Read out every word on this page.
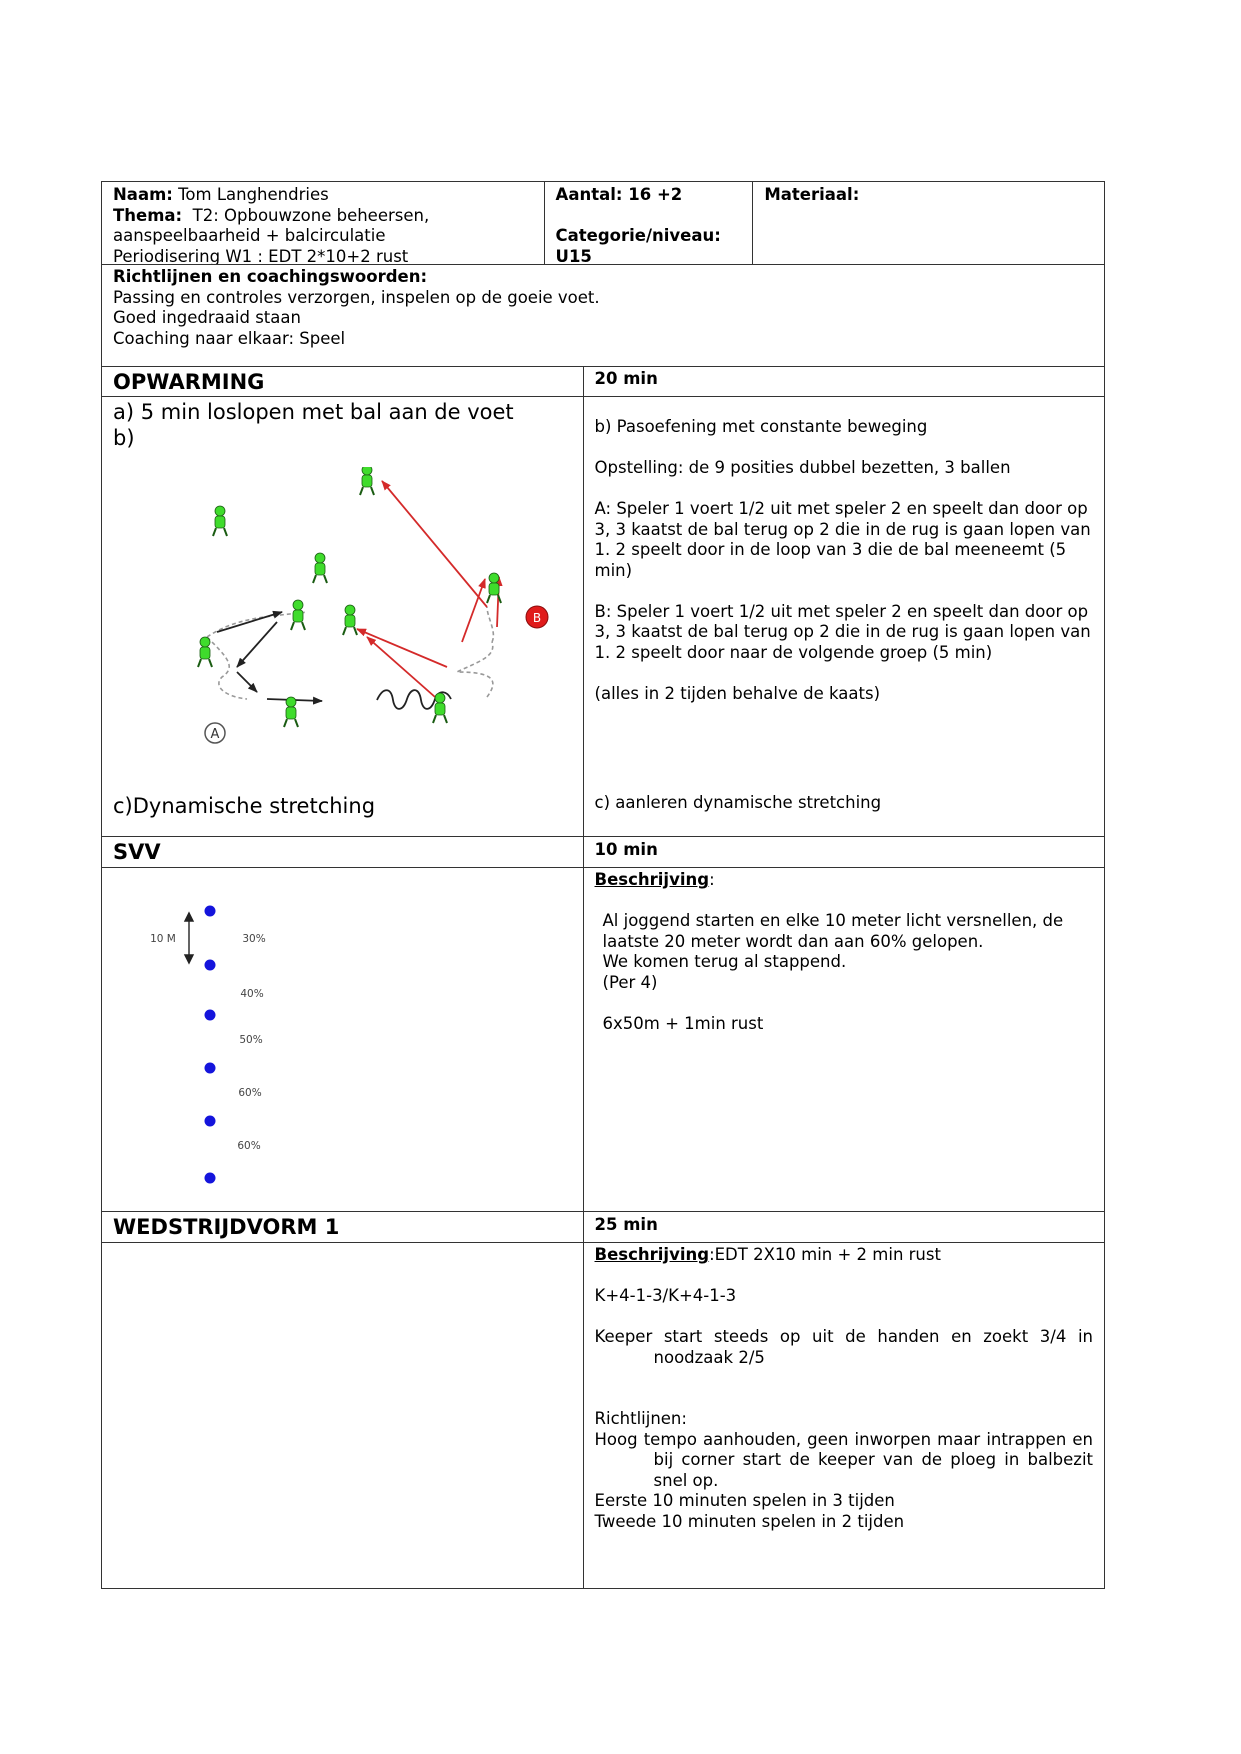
Naam: Tom Langhendries
Thema: T2: Opbouwzone beheersen,
aanspeelbaarheid + balcirculatie
Periodisering W1 : EDT 2*10+2 rust
Aantal: 16 +2
Categorie/niveau:
U15
Materiaal:
Richtlijnen en coachingswoorden:
Passing en controles verzorgen, inspelen op de goeie voet.
Goed ingedraaid staan
Coaching naar elkaar: Speel
OPWARMING	20 min
a) 5 min loslopen met bal aan de voet
b)
A
B
c)Dynamische stretching
b) Pasoefening met constante beweging
Opstelling: de 9 posities dubbel bezetten, 3 ballen
A: Speler 1 voert 1/2 uit met speler 2 en speelt dan door op 3, 3 kaatst de bal terug op 2 die in de rug is gaan lopen van 1. 2 speelt door in de loop van 3 die de bal meeneemt (5 min)
B: Speler 1 voert 1/2 uit met speler 2 en speelt dan door op 3, 3 kaatst de bal terug op 2 die in de rug is gaan lopen van 1. 2 speelt door naar de volgende groep (5 min)
(alles in 2 tijden behalve de kaats)
c) aanleren dynamische stretching
SVV	10 min
10 M	30%
40%
50%
60%
60%
Beschrijving:
Al joggend starten en elke 10 meter licht versnellen, de laatste 20 meter wordt dan aan 60% gelopen.
We komen terug al stappend.
(Per 4)
6x50m + 1min rust
WEDSTRIJDVORM 1	25 min
Beschrijving:EDT 2X10 min + 2 min rust
K+4-1-3/K+4-1-3
Keeper start steeds op uit de handen en zoekt 3/4 in noodzaak 2/5
Richtlijnen:
Hoog tempo aanhouden, geen inworpen maar intrappen en bij corner start de keeper van de ploeg in balbezit snel op.
Eerste 10 minuten spelen in 3 tijden
Tweede 10 minuten spelen in 2 tijden
